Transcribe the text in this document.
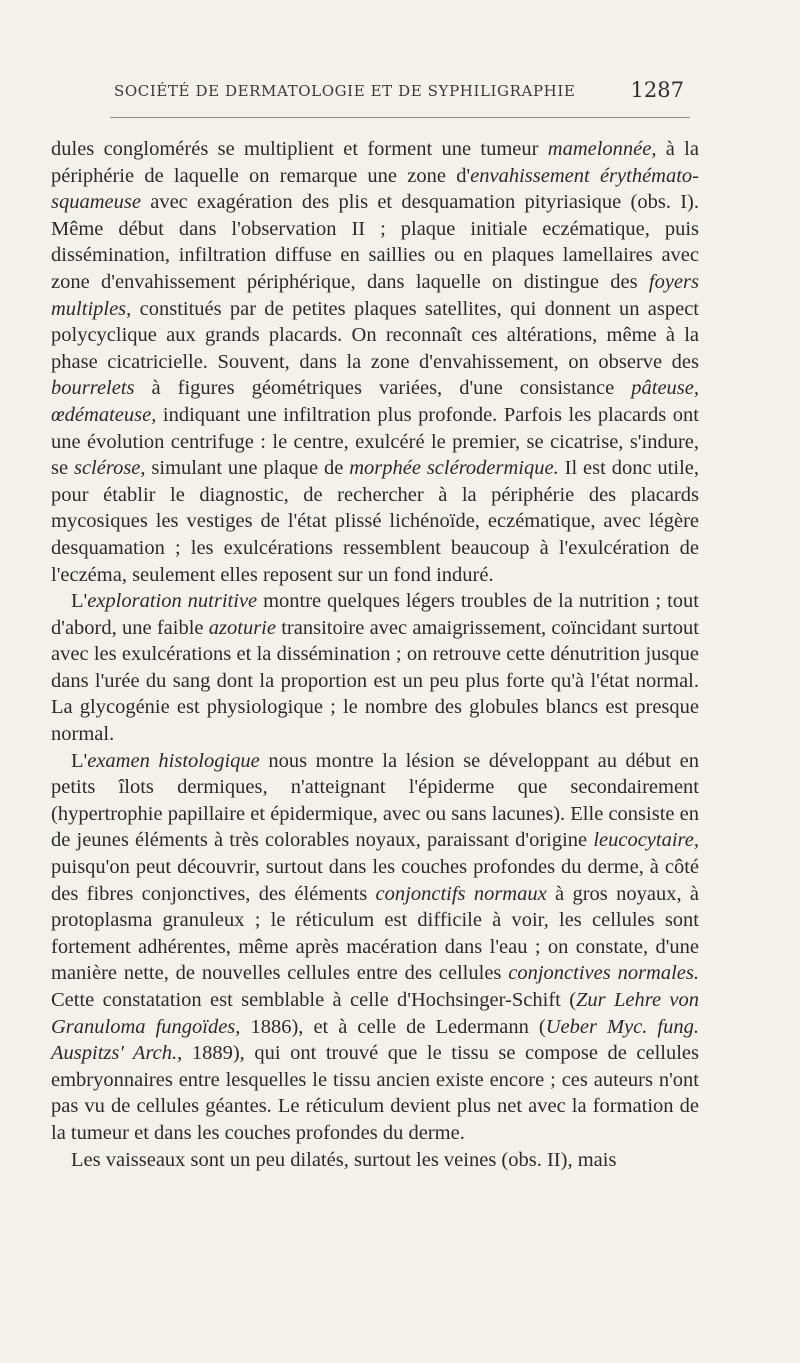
SOCIÉTÉ DE DERMATOLOGIE ET DE SYPHILIGRAPHIE	1287

dules conglomérés se multiplient et forment une tumeur mamelonnée, à la périphérie de laquelle on remarque une zone d'envahissement érythémato-squameuse avec exagération des plis et desquamation pityriasique (obs. I). Même début dans l'observation II ; plaque initiale eczématique, puis dissémination, infiltration diffuse en saillies ou en plaques lamellaires avec zone d'envahissement périphérique, dans laquelle on distingue des foyers multiples, constitués par de petites plaques satellites, qui donnent un aspect polycyclique aux grands placards. On reconnaît ces altérations, même à la phase cicatricielle. Souvent, dans la zone d'envahissement, on observe des bourrelets à figures géométriques variées, d'une consistance pâteuse, œdémateuse, indiquant une infiltration plus profonde. Parfois les placards ont une évolution centrifuge : le centre, exulcéré le premier, se cicatrise, s'indure, se sclérose, simulant une plaque de morphée sclérodermique. Il est donc utile, pour établir le diagnostic, de rechercher à la périphérie des placards mycosiques les vestiges de l'état plissé lichénoïde, eczématique, avec légère desquamation ; les exulcérations ressemblent beaucoup à l'exulcération de l'eczéma, seulement elles reposent sur un fond induré.

L'exploration nutritive montre quelques légers troubles de la nutrition ; tout d'abord, une faible azoturie transitoire avec amaigrissement, coïncidant surtout avec les exulcérations et la dissémination ; on retrouve cette dénutrition jusque dans l'urée du sang dont la proportion est un peu plus forte qu'à l'état normal. La glycogénie est physiologique ; le nombre des globules blancs est presque normal.

L'examen histologique nous montre la lésion se développant au début en petits îlots dermiques, n'atteignant l'épiderme que secondairement (hypertrophie papillaire et épidermique, avec ou sans lacunes). Elle consiste en de jeunes éléments à très colorables noyaux, paraissant d'origine leucocytaire, puisqu'on peut découvrir, surtout dans les couches profondes du derme, à côté des fibres conjonctives, des éléments conjonctifs normaux à gros noyaux, à protoplasma granuleux ; le réticulum est difficile à voir, les cellules sont fortement adhérentes, même après macération dans l'eau ; on constate, d'une manière nette, de nouvelles cellules entre des cellules conjonctives normales. Cette constatation est semblable à celle d'Hochsinger-Schift (Zur Lehre von Granuloma fungoïdes, 1886), et à celle de Ledermann (Ueber Myc. fung. Auspitzs' Arch., 1889), qui ont trouvé que le tissu se compose de cellules embryonnaires entre lesquelles le tissu ancien existe encore ; ces auteurs n'ont pas vu de cellules géantes. Le réticulum devient plus net avec la formation de la tumeur et dans les couches profondes du derme.

Les vaisseaux sont un peu dilatés, surtout les veines (obs. II), mais
